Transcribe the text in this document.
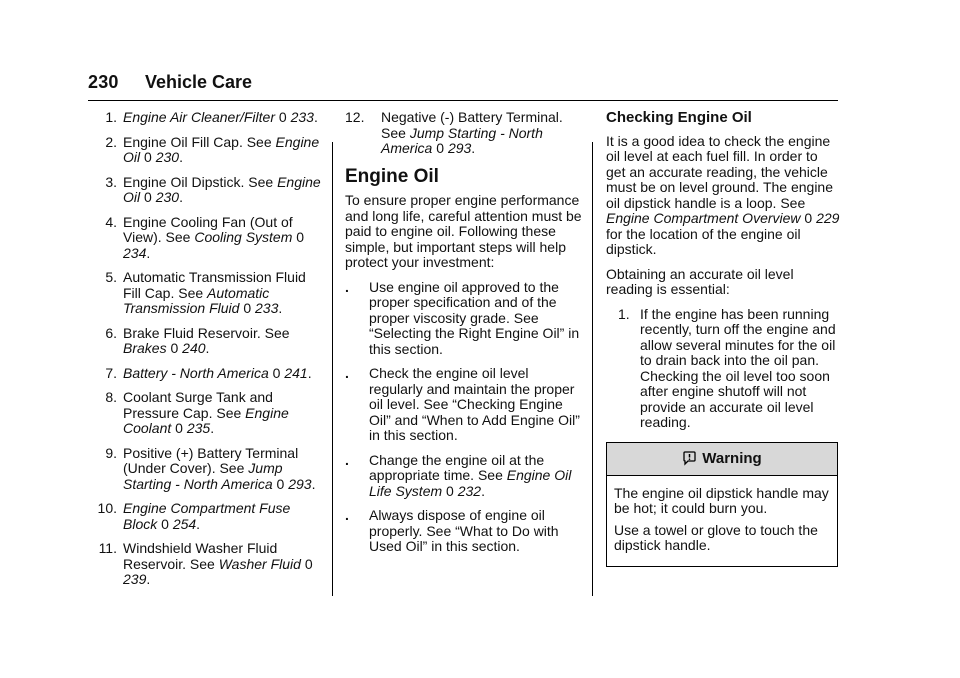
230 Vehicle Care
1. Engine Air Cleaner/Filter 0 233.
2. Engine Oil Fill Cap. See Engine Oil 0 230.
3. Engine Oil Dipstick. See Engine Oil 0 230.
4. Engine Cooling Fan (Out of View). See Cooling System 0 234.
5. Automatic Transmission Fluid Fill Cap. See Automatic Transmission Fluid 0 233.
6. Brake Fluid Reservoir. See Brakes 0 240.
7. Battery - North America 0 241.
8. Coolant Surge Tank and Pressure Cap. See Engine Coolant 0 235.
9. Positive (+) Battery Terminal (Under Cover). See Jump Starting - North America 0 293.
10. Engine Compartment Fuse Block 0 254.
11. Windshield Washer Fluid Reservoir. See Washer Fluid 0 239.
12.	Negative (-) Battery Terminal. See Jump Starting - North America 0 293.
Engine Oil

To ensure proper engine performance and long life, careful attention must be paid to engine oil. Following these simple, but important steps will help protect your investment:

.	Use engine oil approved to the proper specification and of the proper viscosity grade. See “Selecting the Right Engine Oil” in this section.
.	Check the engine oil level regularly and maintain the proper oil level. See “Checking Engine Oil” and “When to Add Engine Oil” in this section.
.	Change the engine oil at the appropriate time. See Engine Oil Life System 0 232.
.	Always dispose of engine oil properly. See “What to Do with Used Oil” in this section.
Checking Engine Oil

It is a good idea to check the engine oil level at each fuel fill. In order to get an accurate reading, the vehicle must be on level ground. The engine oil dipstick handle is a loop. See Engine Compartment Overview 0 229 for the location of the engine oil dipstick.

Obtaining an accurate oil level reading is essential:

1. If the engine has been running recently, turn off the engine and allow several minutes for the oil to drain back into the oil pan. Checking the oil level too soon after engine shutoff will not provide an accurate oil level reading.
Warning

The engine oil dipstick handle may be hot; it could burn you.

Use a towel or glove to touch the dipstick handle.
